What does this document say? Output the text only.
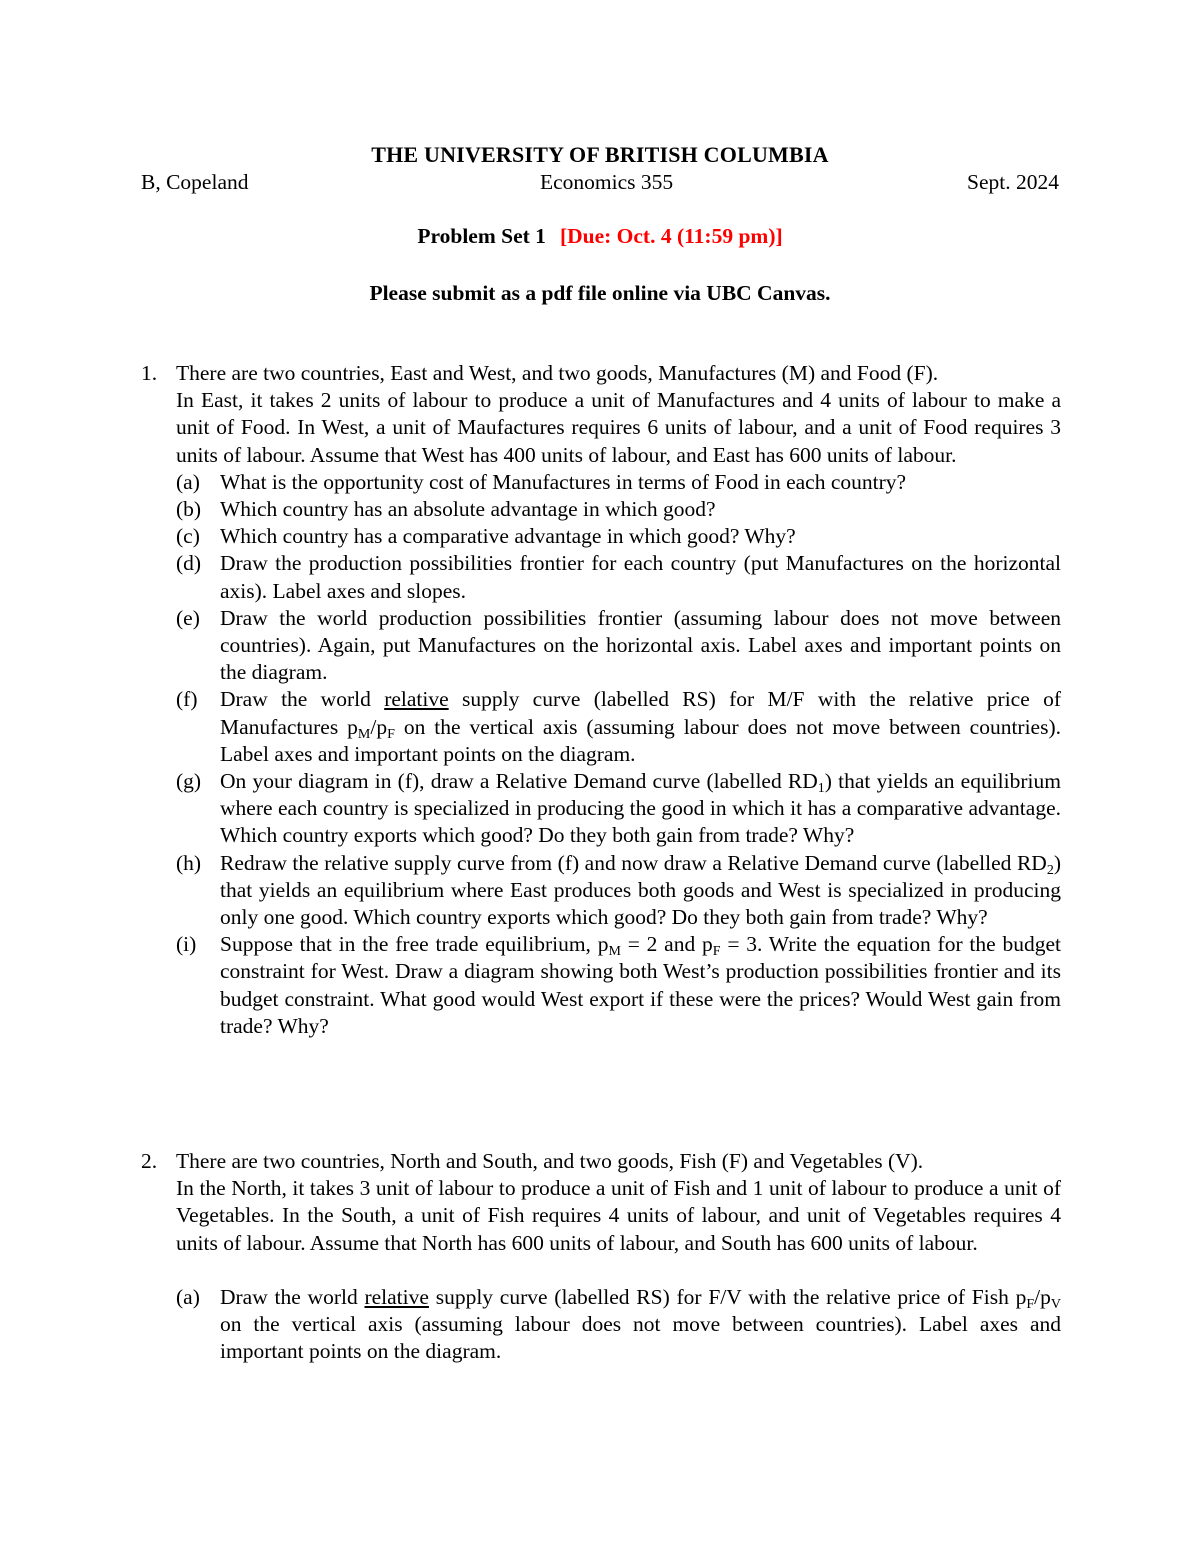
THE UNIVERSITY OF BRITISH COLUMBIA
B, Copeland	Economics 355	Sept. 2024
Problem Set 1 [Due: Oct. 4 (11:59 pm)]
Please submit as a pdf file online via UBC Canvas.
1. There are two countries, East and West, and two goods, Manufactures (M) and Food (F).
In East, it takes 2 units of labour to produce a unit of Manufactures and 4 units of labour to make a unit of Food. In West, a unit of Maufactures requires 6 units of labour, and a unit of Food requires 3 units of labour. Assume that West has 400 units of labour, and East has 600 units of labour.
(a) What is the opportunity cost of Manufactures in terms of Food in each country?
(b) Which country has an absolute advantage in which good?
(c) Which country has a comparative advantage in which good? Why?
(d) Draw the production possibilities frontier for each country (put Manufactures on the horizontal axis). Label axes and slopes.
(e) Draw the world production possibilities frontier (assuming labour does not move between countries). Again, put Manufactures on the horizontal axis. Label axes and important points on the diagram.
(f) Draw the world relative supply curve (labelled RS) for M/F with the relative price of Manufactures $p_M/p_F$ on the vertical axis (assuming labour does not move between countries). Label axes and important points on the diagram.
(g) On your diagram in (f), draw a Relative Demand curve (labelled $RD_1$) that yields an equilibrium where each country is specialized in producing the good in which it has a comparative advantage. Which country exports which good? Do they both gain from trade? Why?
(h) Redraw the relative supply curve from (f) and now draw a Relative Demand curve (labelled $RD_2$) that yields an equilibrium where East produces both goods and West is specialized in producing only one good. Which country exports which good? Do they both gain from trade? Why?
(i) Suppose that in the free trade equilibrium, $p_M = 2$ and $p_F = 3$. Write the equation for the budget constraint for West. Draw a diagram showing both West’s production possibilities frontier and its budget constraint. What good would West export if these were the prices? Would West gain from trade? Why?
2. There are two countries, North and South, and two goods, Fish (F) and Vegetables (V).
In the North, it takes 3 unit of labour to produce a unit of Fish and 1 unit of labour to produce a unit of Vegetables. In the South, a unit of Fish requires 4 units of labour, and unit of Vegetables requires 4 units of labour. Assume that North has 600 units of labour, and South has 600 units of labour.
(a) Draw the world relative supply curve (labelled RS) for F/V with the relative price of Fish $p_F/p_V$ on the vertical axis (assuming labour does not move between countries). Label axes and important points on the diagram.
